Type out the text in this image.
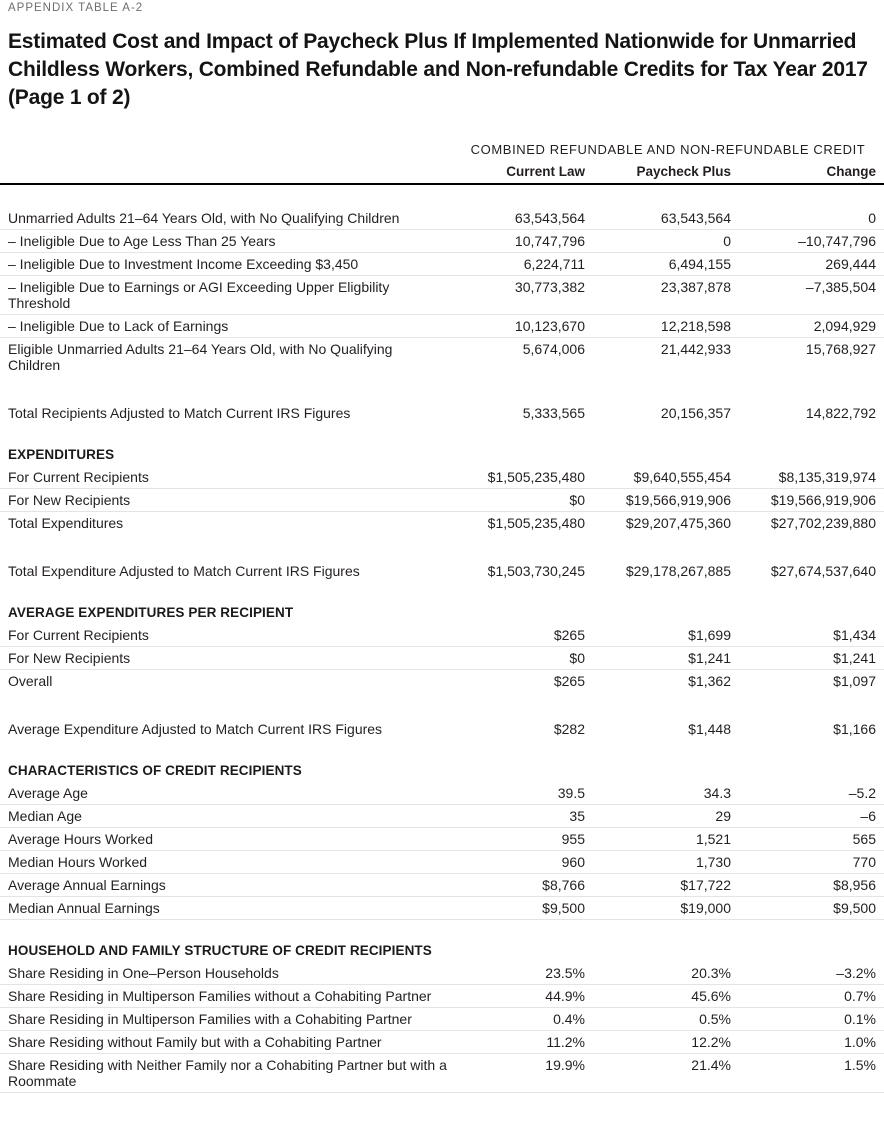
APPENDIX TABLE A-2
Estimated Cost and Impact of Paycheck Plus If Implemented Nationwide for Unmarried Childless Workers, Combined Refundable and Non-refundable Credits for Tax Year 2017 (Page 1 of 2)
COMBINED REFUNDABLE AND NON-REFUNDABLE CREDIT
Current Law	Paycheck Plus	Change
Unmarried Adults 21–64 Years Old, with No Qualifying Children	63,543,564	63,543,564	0
– Ineligible Due to Age Less Than 25 Years	10,747,796	0	–10,747,796
– Ineligible Due to Investment Income Exceeding $3,450	6,224,711	6,494,155	269,444
– Ineligible Due to Earnings or AGI Exceeding Upper Eligbility Threshold
30,773,382	23,387,878	–7,385,504
– Ineligible Due to Lack of Earnings	10,123,670	12,218,598	2,094,929
Eligible Unmarried Adults 21–64 Years Old, with No Qualifying Children
5,674,006	21,442,933	15,768,927
Total Recipients Adjusted to Match Current IRS Figures	5,333,565	20,156,357	14,822,792
EXPENDITURES
For Current Recipients	$1,505,235,480	$9,640,555,454	$8,135,319,974
For New Recipients	$0	$19,566,919,906	$19,566,919,906
Total Expenditures	$1,505,235,480	$29,207,475,360	$27,702,239,880
Total Expenditure Adjusted to Match Current IRS Figures	$1,503,730,245	$29,178,267,885	$27,674,537,640
AVERAGE EXPENDITURES PER RECIPIENT
For Current Recipients	$265	$1,699	$1,434
For New Recipients	$0	$1,241	$1,241
Overall	$265	$1,362	$1,097
Average Expenditure Adjusted to Match Current IRS Figures	$282	$1,448	$1,166
CHARACTERISTICS OF CREDIT RECIPIENTS
Average Age	39.5	34.3	–5.2
Median Age	35	29	–6
Average Hours Worked	955	1,521	565
Median Hours Worked	960	1,730	770
Average Annual Earnings	$8,766	$17,722	$8,956
Median Annual Earnings	$9,500	$19,000	$9,500
HOUSEHOLD AND FAMILY STRUCTURE OF CREDIT RECIPIENTS
Share Residing in One–Person Households	23.5%	20.3%	–3.2%
Share Residing in Multiperson Families without a Cohabiting Partner	44.9%	45.6%	0.7%
Share Residing in Multiperson Families with a Cohabiting Partner	0.4%	0.5%	0.1%
Share Residing without Family but with a Cohabiting Partner	11.2%	12.2%	1.0%
Share Residing with Neither Family nor a Cohabiting Partner but with a Roommate
19.9%	21.4%	1.5%
